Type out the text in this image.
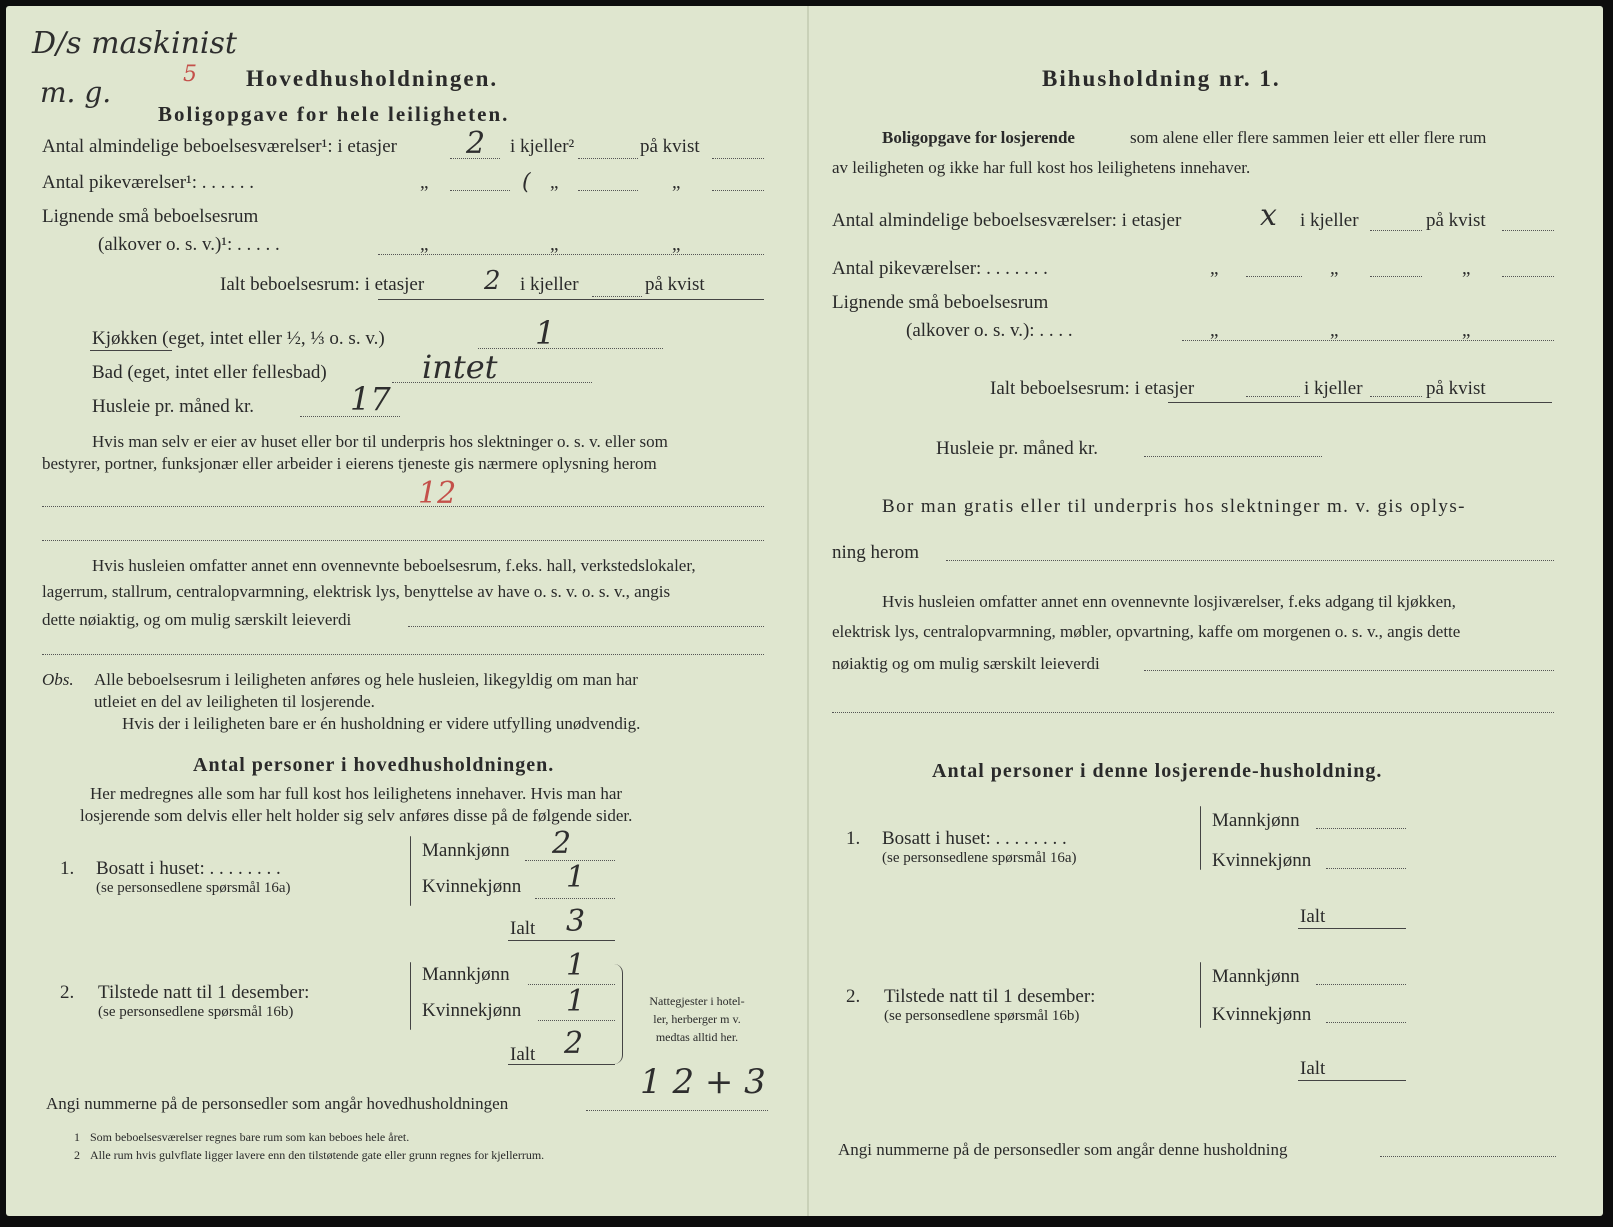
D/s maskinist
m. g.
5 Hovedhusholdningen.
Boligopgave for hele leiligheten.
Antal almindelige beboelsesværelser¹: i etasjer 2 i kjeller²	på kvist
Antal pikeværelser¹: . . . . . .	„	( „	„
Lignende små beboelsesrum
(alkover o. s. v.)¹: . . . . .	„	„	„
Ialt beboelsesrum: i etasjer 2 i kjeller	på kvist
Kjøkken (eget, intet eller ½, ⅓ o. s. v.)	1
Bad (eget, intet eller fellesbad)	intet
Husleie pr. måned kr.	17
Hvis man selv er eier av huset eller bor til underpris hos slektninger o. s. v. eller som
bestyrer, portner, funksjonær eller arbeider i eierens tjeneste gis nærmere oplysning herom
12
Hvis husleien omfatter annet enn ovennevnte beboelsesrum, f.eks. hall, verkstedslokaler,
lagerrum, stallrum, centralopvarmning, elektrisk lys, benyttelse av have o. s. v. o. s. v., angis
dette nøiaktig, og om mulig særskilt leieverdi
Obs. Alle beboelsesrum i leiligheten anføres og hele husleien, likegyldig om man har
utleiet en del av leiligheten til losjerende.
Hvis der i leiligheten bare er én husholdning er videre utfylling unødvendig.
Antal personer i hovedhusholdningen.
Her medregnes alle som har full kost hos leilighetens innehaver. Hvis man har
losjerende som delvis eller helt holder sig selv anføres disse på de følgende sider.
1. Bosatt i huset: . . . . . . . .
(se personsedlene spørsmål 16a)
Mannkjønn 2
Kvinnekjønn 1
Ialt 3
2. Tilstede natt til 1 desember:
(se personsedlene spørsmål 16b)
Mannkjønn 1
Kvinnekjønn 1
Ialt 2
Nattegjester i hotel-
ler, herberger m v.
medtas alltid her.
1 2 + 3
Angi nummerne på de personsedler som angår hovedhusholdningen
1 Som beboelsesværelser regnes bare rum som kan beboes hele året.
2 Alle rum hvis gulvflate ligger lavere enn den tilstøtende gate eller grunn regnes for kjellerrum.
Bihusholdning nr. 1.
Boligopgave for losjerende	som alene eller flere sammen leier ett eller flere rum
av leiligheten og ikke har full kost hos leilighetens innehaver.
Antal almindelige beboelsesværelser: i etasjer	x i kjeller	på kvist
Antal pikeværelser: . . . . . . .	„	„	„
Lignende små beboelsesrum
(alkover o. s. v.): . . . .	„	„	„
Ialt beboelsesrum: i etasjer	i kjeller	på kvist
Husleie pr. måned kr.
Bor man gratis eller til underpris hos slektninger m. v. gis oplys-
ning herom
Hvis husleien omfatter annet enn ovennevnte losjiværelser, f.eks adgang til kjøkken,
elektrisk lys, centralopvarmning, møbler, opvartning, kaffe om morgenen o. s. v., angis dette
nøiaktig og om mulig særskilt leieverdi
Antal personer i denne losjerende-husholdning.
1. Bosatt i huset: . . . . . . . .
(se personsedlene spørsmål 16a)
Mannkjønn
Kvinnekjønn
Ialt
2. Tilstede natt til 1 desember:
(se personsedlene spørsmål 16b)
Mannkjønn
Kvinnekjønn
Ialt
Angi nummerne på de personsedler som angår denne husholdning
